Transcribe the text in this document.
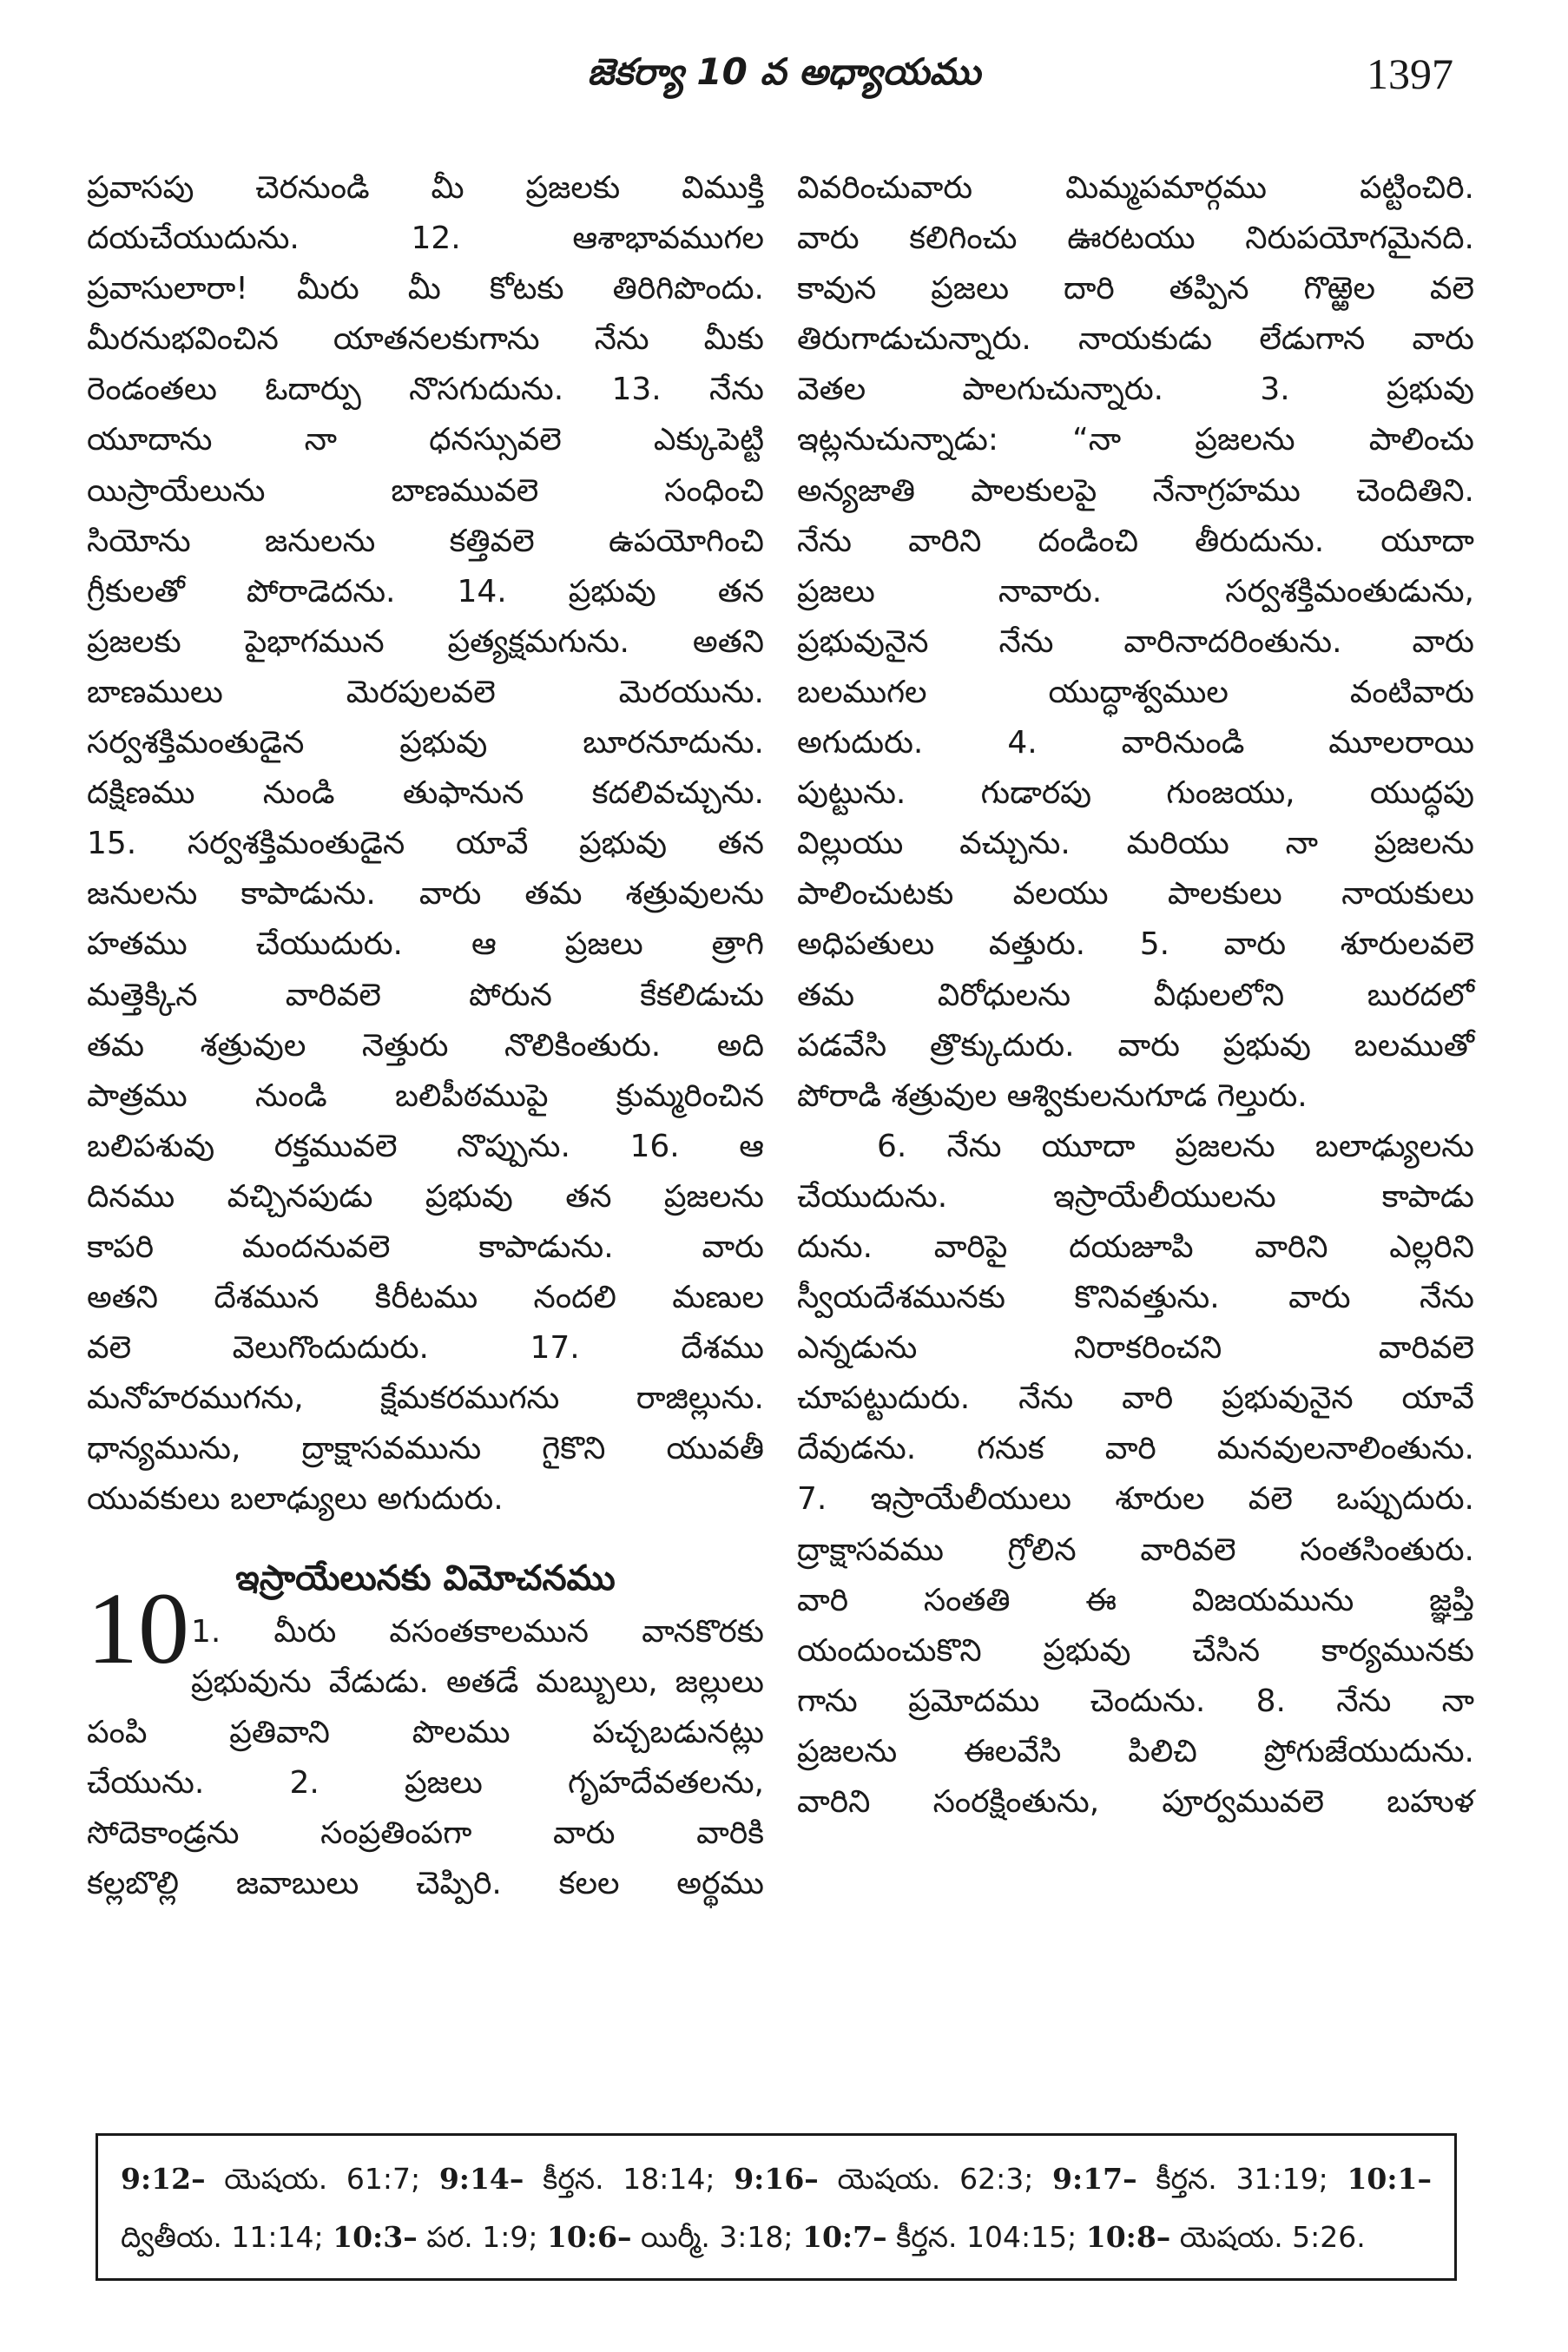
జెకర్యా 10 వ అధ్యాయము	1397

ప్రవాసపు చెరనుండి మీ ప్రజలకు విముక్తి

దయచేయుదును. 12. ఆశాభావముగల

ప్రవాసులారా! మీరు మీ కోటకు తిరిగిపొందు.

మీరనుభవించిన యాతనలకుగాను నేను మీకు

రెండంతలు ఓదార్పు నొసగుదును. 13. నేను

యూదాను నా ధనస్సువలె ఎక్కుపెట్టి

యిస్రాయేలును బాణమువలె సంధించి

సియోను జనులను కత్తివలె ఉపయోగించి

గ్రీకులతో పోరాడెదను. 14. ప్రభువు తన

ప్రజలకు పైభాగమున ప్రత్యక్షమగును. అతని

బాణములు మెరపులవలె మెరయును.

సర్వశక్తిమంతుడైన ప్రభువు బూరనూదును.

దక్షిణము నుండి తుఫానున కదలివచ్చును.

15. సర్వశక్తిమంతుడైన యావే ప్రభువు తన

జనులను కాపాడును. వారు తమ శత్రువులను

హతము చేయుదురు. ఆ ప్రజలు త్రాగి

మత్తెక్కిన వారివలె పోరున కేకలిడుచు

తమ శత్రువుల నెత్తురు నొలికింతురు. అది

పాత్రము నుండి బలిపీఠముపై క్రుమ్మరించిన

బలిపశువు రక్తమువలె నొప్పును. 16. ఆ

దినము వచ్చినపుడు ప్రభువు తన ప్రజలను

కాపరి మందనువలె కాపాడును. వారు

అతని దేశమున కిరీటము నందలి మణుల

వలె వెలుగొందుదురు. 17. దేశము

మనోహరముగను, క్షేమకరముగను రాజిల్లును.

ధాన్యమును, ద్రాక్షాసవమును గైకొని యువతీ

యువకులు బలాఢ్యులు అగుదురు.

ఇస్రాయేలునకు విమోచనము
10 1. మీరు వసంతకాలమున వానకొరకు

ప్రభువును వేడుడు. అతడే మబ్బులు, జల్లులు

పంపి ప్రతివాని పొలము పచ్చబడునట్లు

చేయును. 2. ప్రజలు గృహదేవతలను,

సోదెకాండ్రను సంప్రతింపగా వారు వారికి

కల్లబొల్లి జవాబులు చెప్పిరి. కలల అర్థము

వివరించువారు మిమ్మపమార్గము పట్టించిరి.

వారు కలిగించు ఊరటయు నిరుపయోగమైనది.

కావున ప్రజలు దారి తప్పిన గొఱ్ఱెల వలె

తిరుగాడుచున్నారు. నాయకుడు లేడుగాన వారు

వెతల పాలగుచున్నారు. 3. ప్రభువు

ఇట్లనుచున్నాడు: “నా ప్రజలను పాలించు

అన్యజాతి పాలకులపై నేనాగ్రహము చెందితిని.

నేను వారిని దండించి తీరుదును. యూదా

ప్రజలు నావారు. సర్వశక్తిమంతుడును,

ప్రభువునైన నేను వారినాదరింతును. వారు

బలముగల యుద్ధాశ్వముల వంటివారు

అగుదురు. 4. వారినుండి మూలరాయి

పుట్టును. గుడారపు గుంజయు, యుద్ధపు

విల్లుయు వచ్చును. మరియు నా ప్రజలను

పాలించుటకు వలయు పాలకులు నాయకులు

అధిపతులు వత్తురు. 5. వారు శూరులవలె

తమ విరోధులను వీథులలోని బురదలో

పడవేసి త్రొక్కుదురు. వారు ప్రభువు బలముతో

పోరాడి శత్రువుల ఆశ్వికులనుగూడ గెల్తురు.

6. నేను యూదా ప్రజలను బలాఢ్యులను

చేయుదును. ఇస్రాయేలీయులను కాపాడు

దును. వారిపై దయజూపి వారిని ఎల్లరిని

స్వీయదేశమునకు కొనివత్తును. వారు నేను

ఎన్నడును నిరాకరించని వారివలె

చూపట్టుదురు. నేను వారి ప్రభువునైన యావే

దేవుడను. గనుక వారి మనవులనాలింతును.

7. ఇస్రాయేలీయులు శూరుల వలె ఒప్పుదురు.

ద్రాక్షాసవము గ్రోలిన వారివలె సంతసింతురు.

వారి సంతతి ఈ విజయమును జ్ఞప్తి

యందుంచుకొని ప్రభువు చేసిన కార్యమునకు

గాను ప్రమోదము చెందును. 8. నేను నా

ప్రజలను ఈలవేసి పిలిచి ప్రోగుజేయుదును.

వారిని సంరక్షింతును, పూర్వమువలె బహుళ

9:12– యెషయ. 61:7; 9:14– కీర్తన. 18:14; 9:16– యెషయ. 62:3; 9:17– కీర్తన. 31:19; 10:1–

ద్వితీయ. 11:14; 10:3– పర. 1:9; 10:6– యిర్మీ. 3:18; 10:7– కీర్తన. 104:15; 10:8– యెషయ. 5:26.
